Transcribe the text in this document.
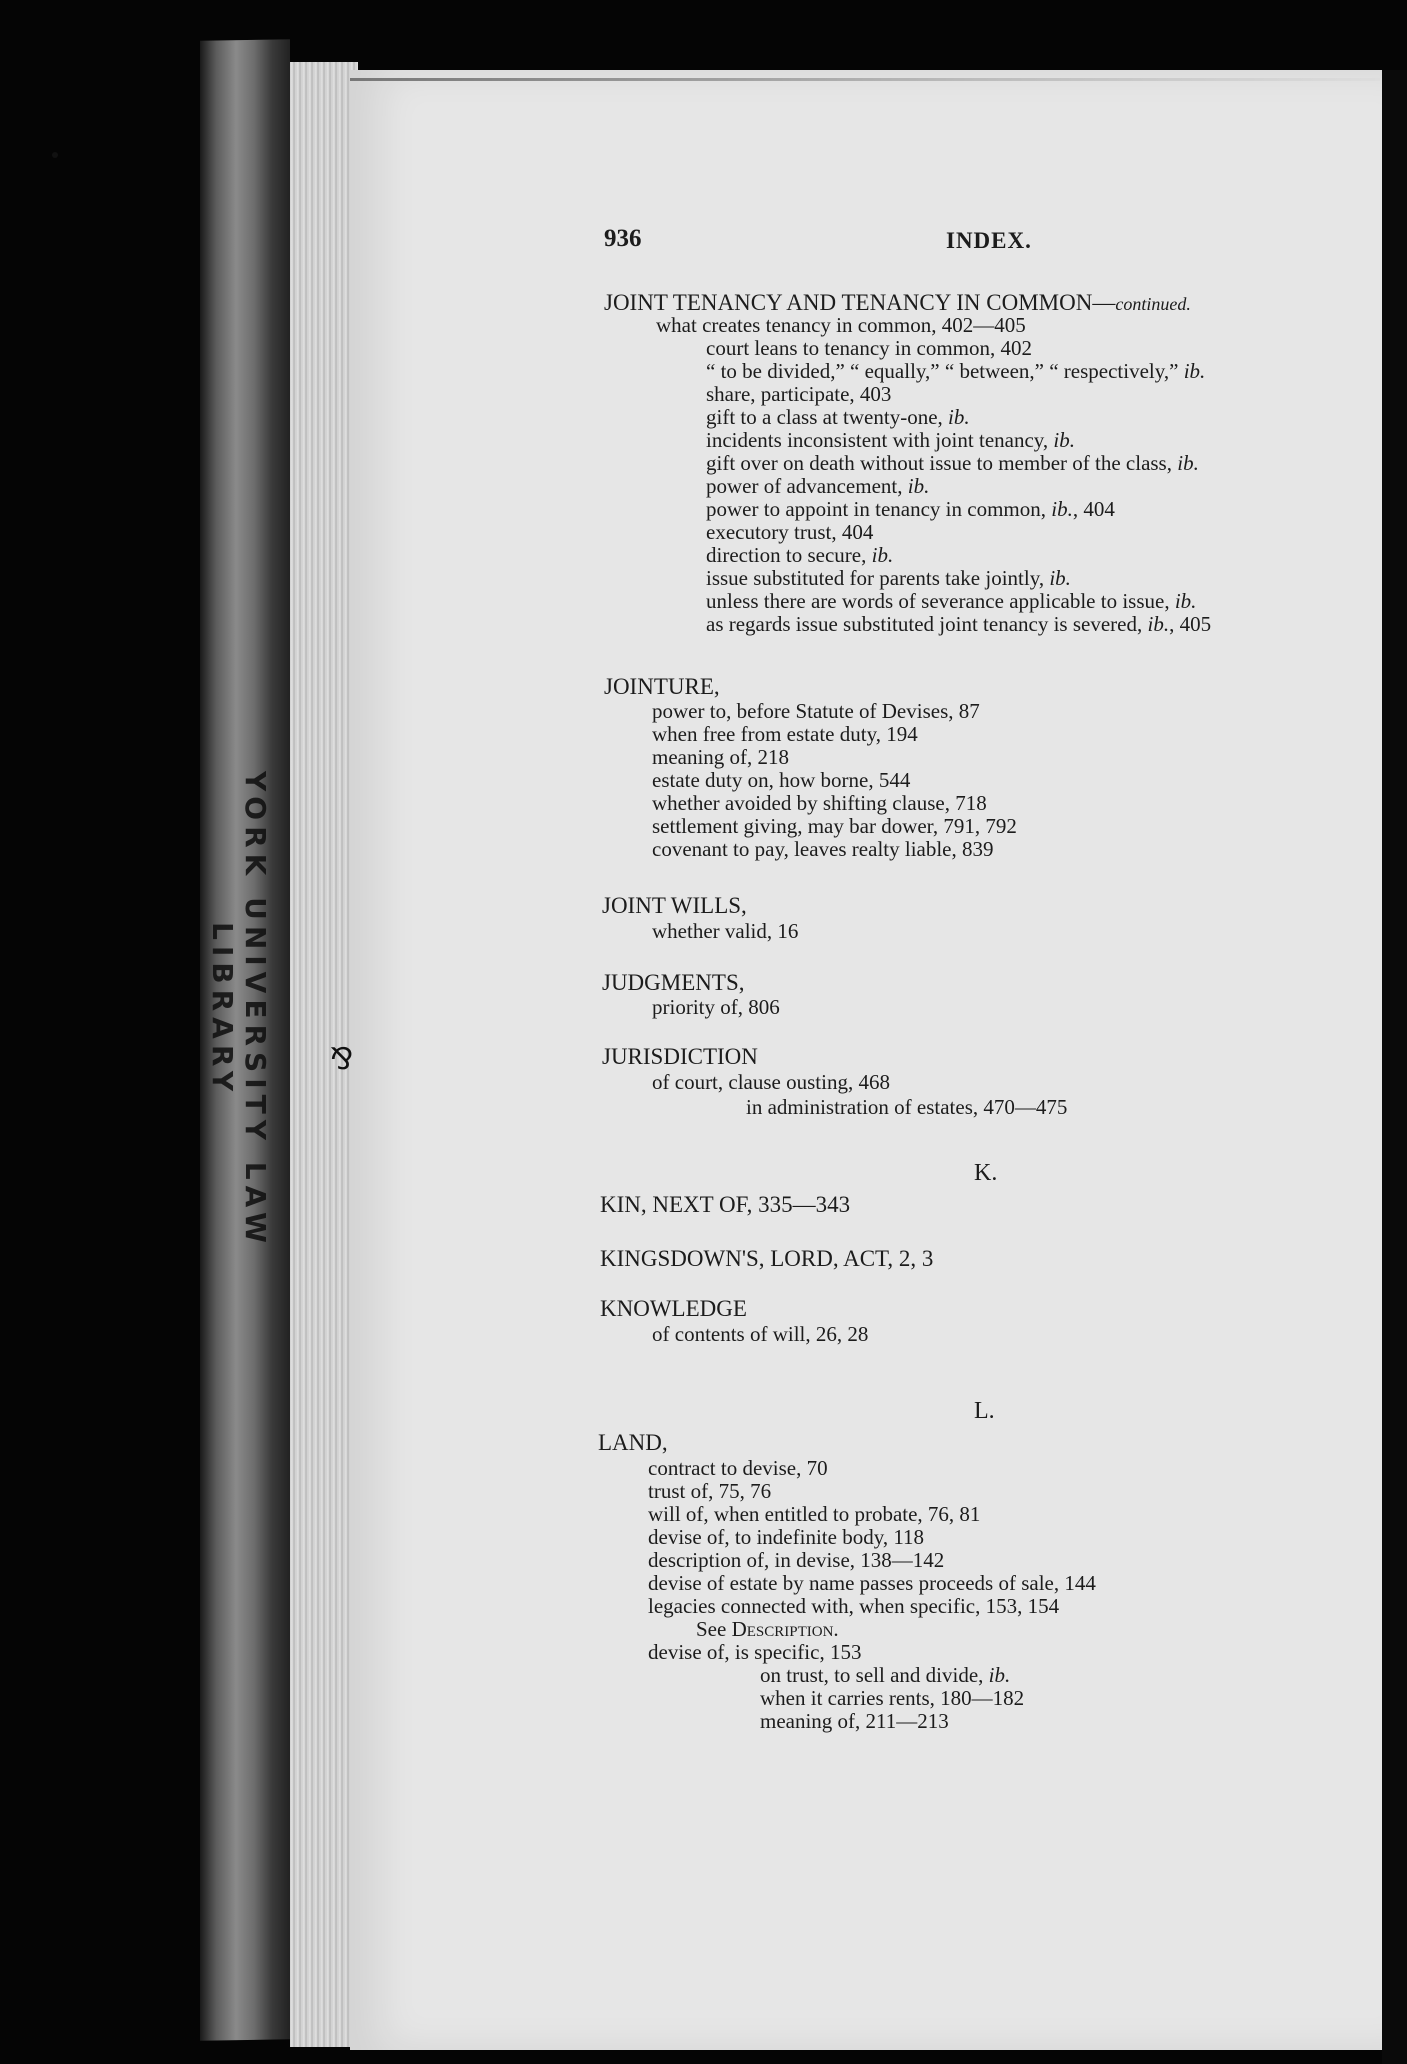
YORK UNIVERSITY LAW LIBRARY	⅋
936	INDEX.
JOINT TENANCY AND TENANCY IN COMMON—continued.
what creates tenancy in common, 402—405
court leans to tenancy in common, 402
“ to be divided,” “ equally,” “ between,” “ respectively,” ib.
share, participate, 403
gift to a class at twenty-one, ib.
incidents inconsistent with joint tenancy, ib.
gift over on death without issue to member of the class, ib.
power of advancement, ib.
power to appoint in tenancy in common, ib., 404
executory trust, 404
direction to secure, ib.
issue substituted for parents take jointly, ib.
unless there are words of severance applicable to issue, ib.
as regards issue substituted joint tenancy is severed, ib., 405
JOINTURE,
power to, before Statute of Devises, 87
when free from estate duty, 194
meaning of, 218
estate duty on, how borne, 544
whether avoided by shifting clause, 718
settlement giving, may bar dower, 791, 792
covenant to pay, leaves realty liable, 839
JOINT WILLS,
whether valid, 16
JUDGMENTS,
priority of, 806
JURISDICTION
of court, clause ousting, 468
in administration of estates, 470—475
K.
KIN, NEXT OF, 335—343
KINGSDOWN'S, LORD, ACT, 2, 3
KNOWLEDGE
of contents of will, 26, 28
L.
LAND,
contract to devise, 70
trust of, 75, 76
will of, when entitled to probate, 76, 81
devise of, to indefinite body, 118
description of, in devise, 138—142
devise of estate by name passes proceeds of sale, 144
legacies connected with, when specific, 153, 154
See Description.
devise of, is specific, 153
on trust, to sell and divide, ib.
when it carries rents, 180—182
meaning of, 211—213
